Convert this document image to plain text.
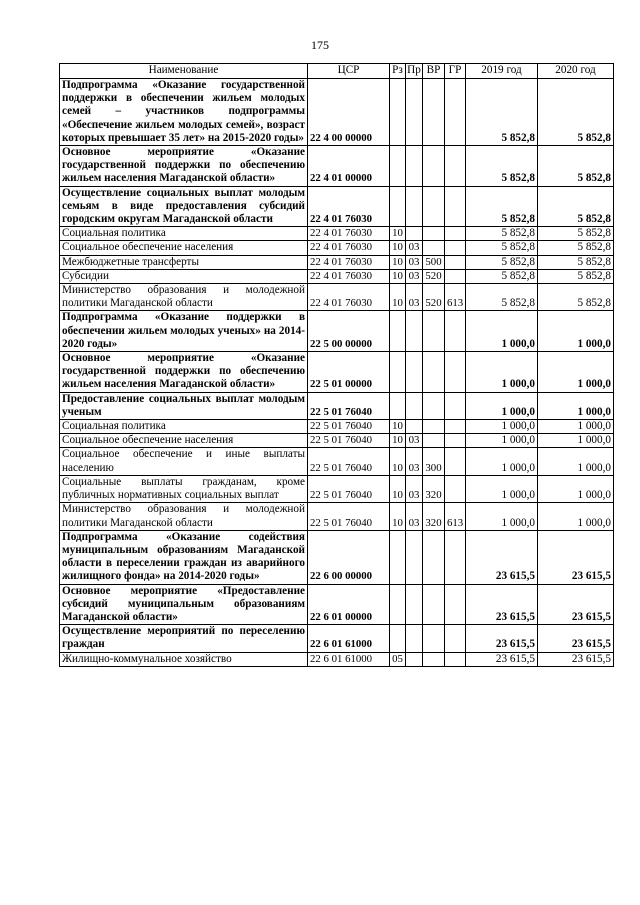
175
Наименование	ЦСР	Рз	Пр	ВР	ГР	2019 год	2020 год
Подпрограмма «Оказание государственной поддержки в обеспечении жильем молодых семей – участников подпрограммы «Обеспечение жильем молодых семей», возраст которых превышает 35 лет» на 2015-2020 годы»	22 4 00 00000					5 852,8	5 852,8
Основное мероприятие «Оказание государственной поддержки по обеспечению жильем населения Магаданской области»	22 4 01 00000					5 852,8	5 852,8
Осуществление социальных выплат молодым семьям в виде предоставления субсидий городским округам Магаданской области	22 4 01 76030					5 852,8	5 852,8
Социальная политика	22 4 01 76030	10				5 852,8	5 852,8
Социальное обеспечение населения	22 4 01 76030	10	03			5 852,8	5 852,8
Межбюджетные трансферты	22 4 01 76030	10	03	500		5 852,8	5 852,8
Субсидии	22 4 01 76030	10	03	520		5 852,8	5 852,8
Министерство образования и молодежной политики Магаданской области	22 4 01 76030	10	03	520	613	5 852,8	5 852,8
Подпрограмма «Оказание поддержки в обеспечении жильем молодых ученых» на 2014-2020 годы»	22 5 00 00000					1 000,0	1 000,0
Основное мероприятие «Оказание государственной поддержки по обеспечению жильем населения Магаданской области»	22 5 01 00000					1 000,0	1 000,0
Предоставление социальных выплат молодым ученым	22 5 01 76040					1 000,0	1 000,0
Социальная политика	22 5 01 76040	10				1 000,0	1 000,0
Социальное обеспечение населения	22 5 01 76040	10	03			1 000,0	1 000,0
Социальное обеспечение и иные выплаты населению	22 5 01 76040	10	03	300		1 000,0	1 000,0
Социальные выплаты гражданам, кроме публичных нормативных социальных выплат	22 5 01 76040	10	03	320		1 000,0	1 000,0
Министерство образования и молодежной политики Магаданской области	22 5 01 76040	10	03	320	613	1 000,0	1 000,0
Подпрограмма «Оказание содействия муниципальным образованиям Магаданской области в переселении граждан из аварийного жилищного фонда» на 2014-2020 годы»	22 6 00 00000					23 615,5	23 615,5
Основное мероприятие «Предоставление субсидий муниципальным образованиям Магаданской области»	22 6 01 00000					23 615,5	23 615,5
Осуществление мероприятий по переселению граждан	22 6 01 61000					23 615,5	23 615,5
Жилищно-коммунальное хозяйство	22 6 01 61000	05				23 615,5	23 615,5
